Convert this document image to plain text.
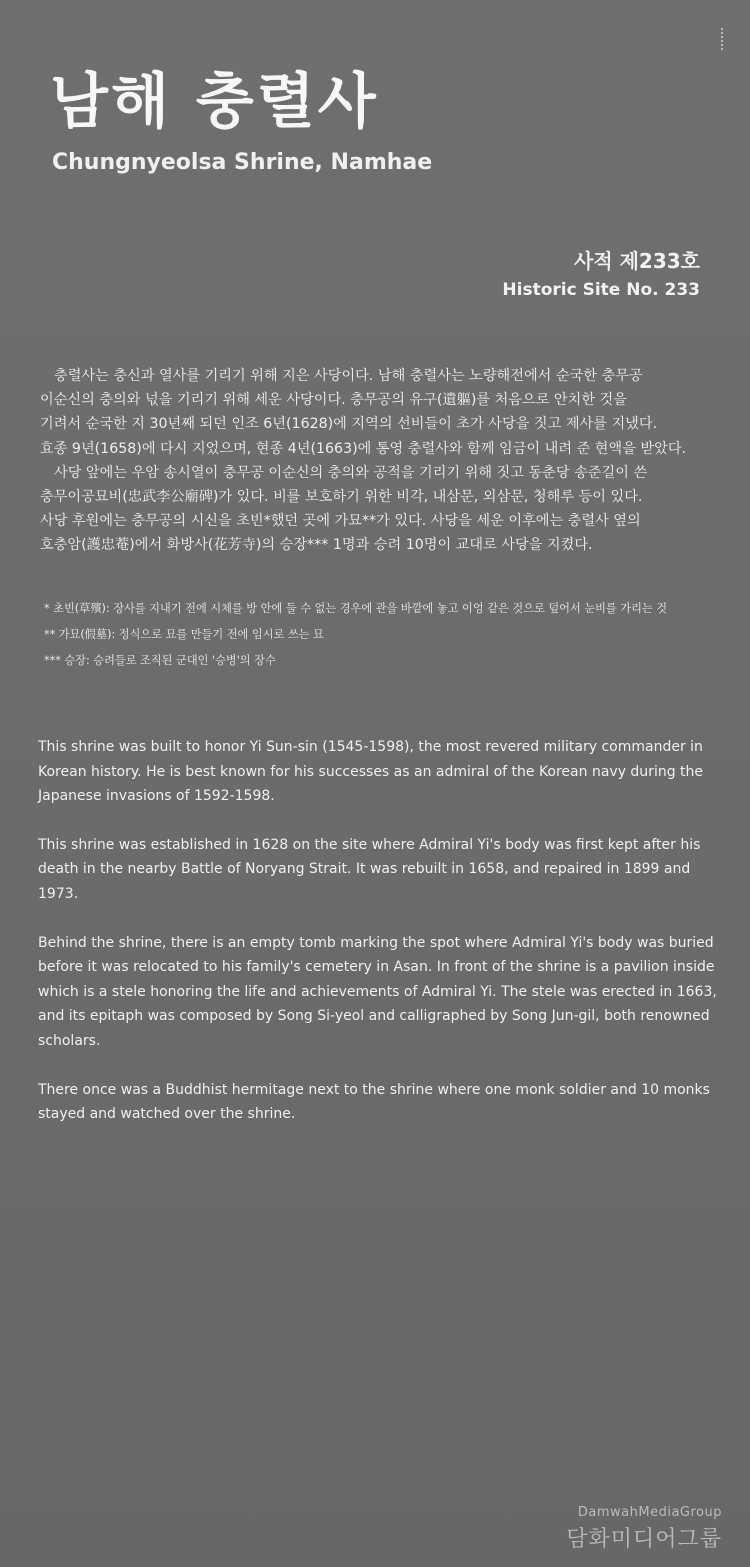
남해 충렬사
Chungnyeolsa Shrine, Namhae
사적 제233호
Historic Site No. 233

충렬사는 충신과 열사를 기리기 위해 지은 사당이다. 남해 충렬사는 노량해전에서 순국한 충무공

이순신의 충의와 넋을 기리기 위해 세운 사당이다. 충무공의 유구(遺軀)를 처음으로 안치한 것을

기려서 순국한 지 30년째 되던 인조 6년(1628)에 지역의 선비들이 초가 사당을 짓고 제사를 지냈다.

효종 9년(1658)에 다시 지었으며, 현종 4년(1663)에 통영 충렬사와 함께 임금이 내려 준 현액을 받았다.

사당 앞에는 우암 송시열이 충무공 이순신의 충의와 공적을 기리기 위해 짓고 동춘당 송준길이 쓴

충무이공묘비(忠武李公廟碑)가 있다. 비를 보호하기 위한 비각, 내삼문, 외삼문, 청해루 등이 있다.

사당 후원에는 충무공의 시신을 초빈*했던 곳에 가묘**가 있다. 사당을 세운 이후에는 충렬사 옆의

호충암(護忠菴)에서 화방사(花芳寺)의 승장*** 1명과 승려 10명이 교대로 사당을 지켰다.

* 초빈(草殯): 장사를 지내기 전에 시체를 방 안에 둘 수 없는 경우에 관을 바깥에 놓고 이엉 같은 것으로 덮어서 눈비를 가리는 것
** 가묘(假墓): 정식으로 묘를 만들기 전에 임시로 쓰는 묘
*** 승장: 승려들로 조직된 군대인 '승병'의 장수

This shrine was built to honor Yi Sun-sin (1545-1598), the most revered military commander in Korean history. He is best known for his successes as an admiral of the Korean navy during the Japanese invasions of 1592-1598.

This shrine was established in 1628 on the site where Admiral Yi's body was first kept after his death in the nearby Battle of Noryang Strait. It was rebuilt in 1658, and repaired in 1899 and 1973.

Behind the shrine, there is an empty tomb marking the spot where Admiral Yi's body was buried before it was relocated to his family's cemetery in Asan. In front of the shrine is a pavilion inside which is a stele honoring the life and achievements of Admiral Yi. The stele was erected in 1663, and its epitaph was composed by Song Si-yeol and calligraphed by Song Jun-gil, both renowned scholars.

There once was a Buddhist hermitage next to the shrine where one monk soldier and 10 monks stayed and watched over the shrine.

DamwahMediaGroup
담화미디어그룹
